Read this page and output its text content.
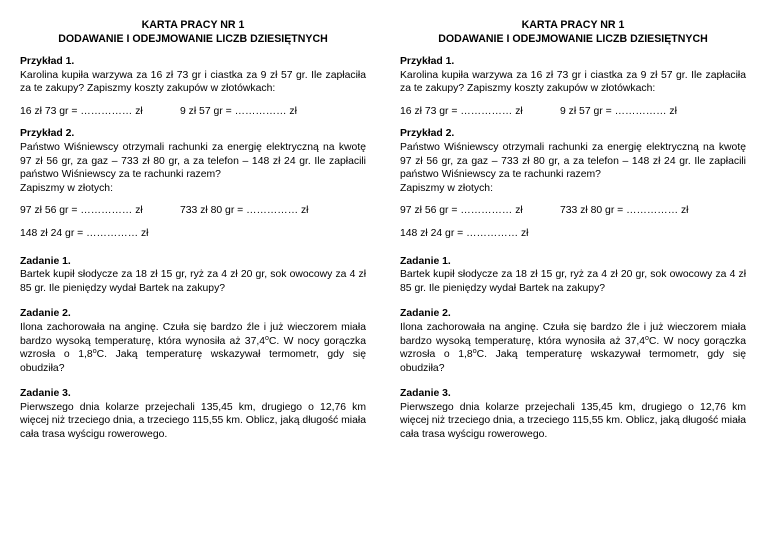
KARTA PRACY NR 1
DODAWANIE I ODEJMOWANIE LICZB DZIESIĘTNYCH
Przykład 1.
Karolina kupiła warzywa za 16 zł 73 gr i ciastka za 9 zł 57 gr. Ile zapłaciła za te zakupy? Zapiszmy koszty zakupów w złotówkach:
16 zł 73 gr = …………… zł	9 zł 57 gr = …………… zł
Przykład 2.
Państwo Wiśniewscy otrzymali rachunki za energię elektryczną na kwotę 97 zł 56 gr, za gaz – 733 zł 80 gr, a za telefon – 148 zł 24 gr. Ile zapłacili państwo Wiśniewscy za te rachunki razem?
Zapiszmy w złotych:
97 zł 56 gr = …………… zł	733 zł 80 gr = …………… zł
148 zł 24 gr = …………… zł
Zadanie 1.
Bartek kupił słodycze za 18 zł 15 gr, ryż za 4 zł 20 gr, sok owocowy za 4 zł 85 gr. Ile pieniędzy wydał Bartek na zakupy?
Zadanie 2.
Ilona zachorowała na anginę. Czuła się bardzo źle i już wieczorem miała bardzo wysoką temperaturę, która wynosiła aż 37,4$^o$C. W nocy gorączka wzrosła o 1,8$^o$C. Jaką temperaturę wskazywał termometr, gdy się obudziła?
Zadanie 3.
Pierwszego dnia kolarze przejechali 135,45 km, drugiego o 12,76 km więcej niż trzeciego dnia, a trzeciego 115,55 km. Oblicz, jaką długość miała cała trasa wyścigu rowerowego.
KARTA PRACY NR 1
DODAWANIE I ODEJMOWANIE LICZB DZIESIĘTNYCH
Przykład 1.
Karolina kupiła warzywa za 16 zł 73 gr i ciastka za 9 zł 57 gr. Ile zapłaciła za te zakupy? Zapiszmy koszty zakupów w złotówkach:
16 zł 73 gr = …………… zł	9 zł 57 gr = …………… zł
Przykład 2.
Państwo Wiśniewscy otrzymali rachunki za energię elektryczną na kwotę 97 zł 56 gr, za gaz – 733 zł 80 gr, a za telefon – 148 zł 24 gr. Ile zapłacili państwo Wiśniewscy za te rachunki razem?
Zapiszmy w złotych:
97 zł 56 gr = …………… zł	733 zł 80 gr = …………… zł
148 zł 24 gr = …………… zł
Zadanie 1.
Bartek kupił słodycze za 18 zł 15 gr, ryż za 4 zł 20 gr, sok owocowy za 4 zł 85 gr. Ile pieniędzy wydał Bartek na zakupy?
Zadanie 2.
Ilona zachorowała na anginę. Czuła się bardzo źle i już wieczorem miała bardzo wysoką temperaturę, która wynosiła aż 37,4$^o$C. W nocy gorączka wzrosła o 1,8$^o$C. Jaką temperaturę wskazywał termometr, gdy się obudziła?
Zadanie 3.
Pierwszego dnia kolarze przejechali 135,45 km, drugiego o 12,76 km więcej niż trzeciego dnia, a trzeciego 115,55 km. Oblicz, jaką długość miała cała trasa wyścigu rowerowego.
